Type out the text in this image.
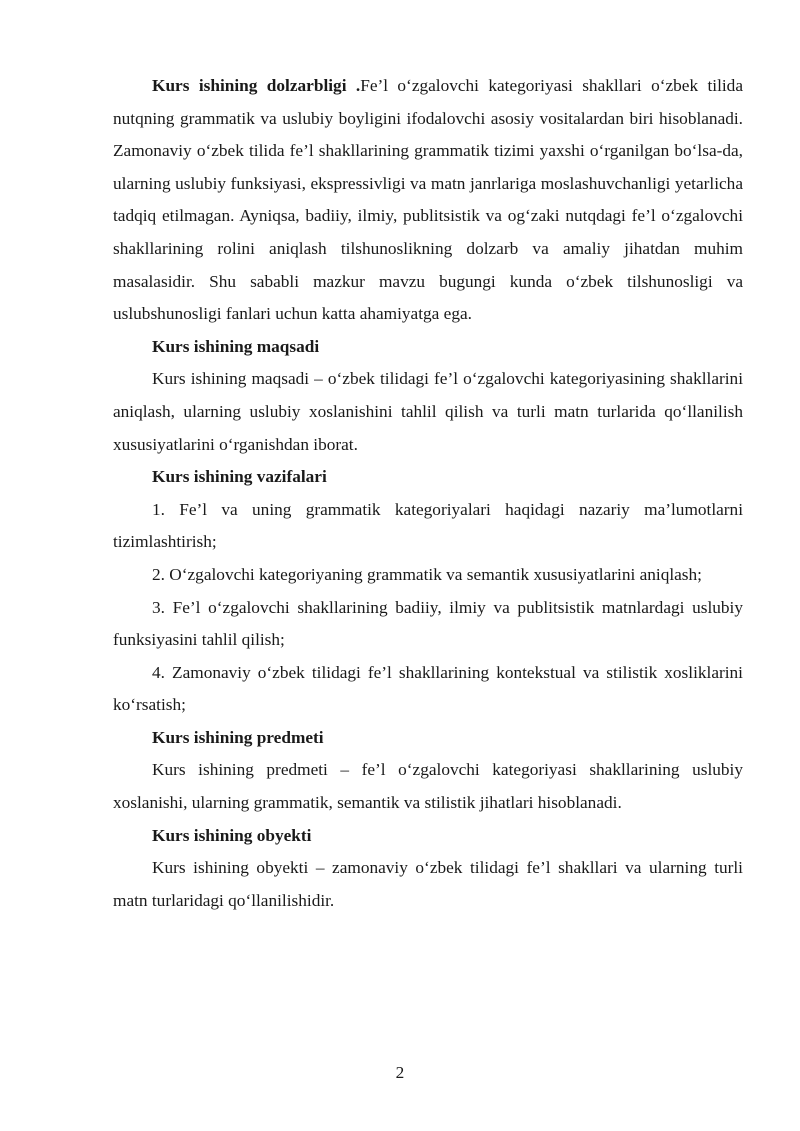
Kurs ishining dolzarbligi .Fe’l o‘zgalovchi kategoriyasi shakllari o‘zbek tilida nutqning grammatik va uslubiy boyligini ifodalovchi asosiy vositalardan biri hisoblanadi. Zamonaviy o‘zbek tilida fe’l shakllarining grammatik tizimi yaxshi o‘rganilgan bo‘lsa-da, ularning uslubiy funksiyasi, ekspressivligi va matn janrlariga moslashuvchanligi yetarlicha tadqiq etilmagan. Ayniqsa, badiiy, ilmiy, publitsistik va og‘zaki nutqdagi fe’l o‘zgalovchi shakllarining rolini aniqlash tilshunoslikning dolzarb va amaliy jihatdan muhim masalasidir. Shu sababli mazkur mavzu bugungi kunda o‘zbek tilshunosligi va uslubshunosligi fanlari uchun katta ahamiyatga ega.

Kurs ishining maqsadi

Kurs ishining maqsadi – o‘zbek tilidagi fe’l o‘zgalovchi kategoriyasining shakllarini aniqlash, ularning uslubiy xoslanishini tahlil qilish va turli matn turlarida qo‘llanilish xususiyatlarini o‘rganishdan iborat.

Kurs ishining vazifalari

1. Fe’l va uning grammatik kategoriyalari haqidagi nazariy ma’lumotlarni tizimlashtirish;

2. O‘zgalovchi kategoriyaning grammatik va semantik xususiyatlarini aniqlash;

3. Fe’l o‘zgalovchi shakllarining badiiy, ilmiy va publitsistik matnlardagi uslubiy funksiyasini tahlil qilish;

4. Zamonaviy o‘zbek tilidagi fe’l shakllarining kontekstual va stilistik xosliklarini ko‘rsatish;

Kurs ishining predmeti

Kurs ishining predmeti – fe’l o‘zgalovchi kategoriyasi shakllarining uslubiy xoslanishi, ularning grammatik, semantik va stilistik jihatlari hisoblanadi.

Kurs ishining obyekti

Kurs ishining obyekti – zamonaviy o‘zbek tilidagi fe’l shakllari va ularning turli matn turlaridagi qo‘llanilishidir.

2
